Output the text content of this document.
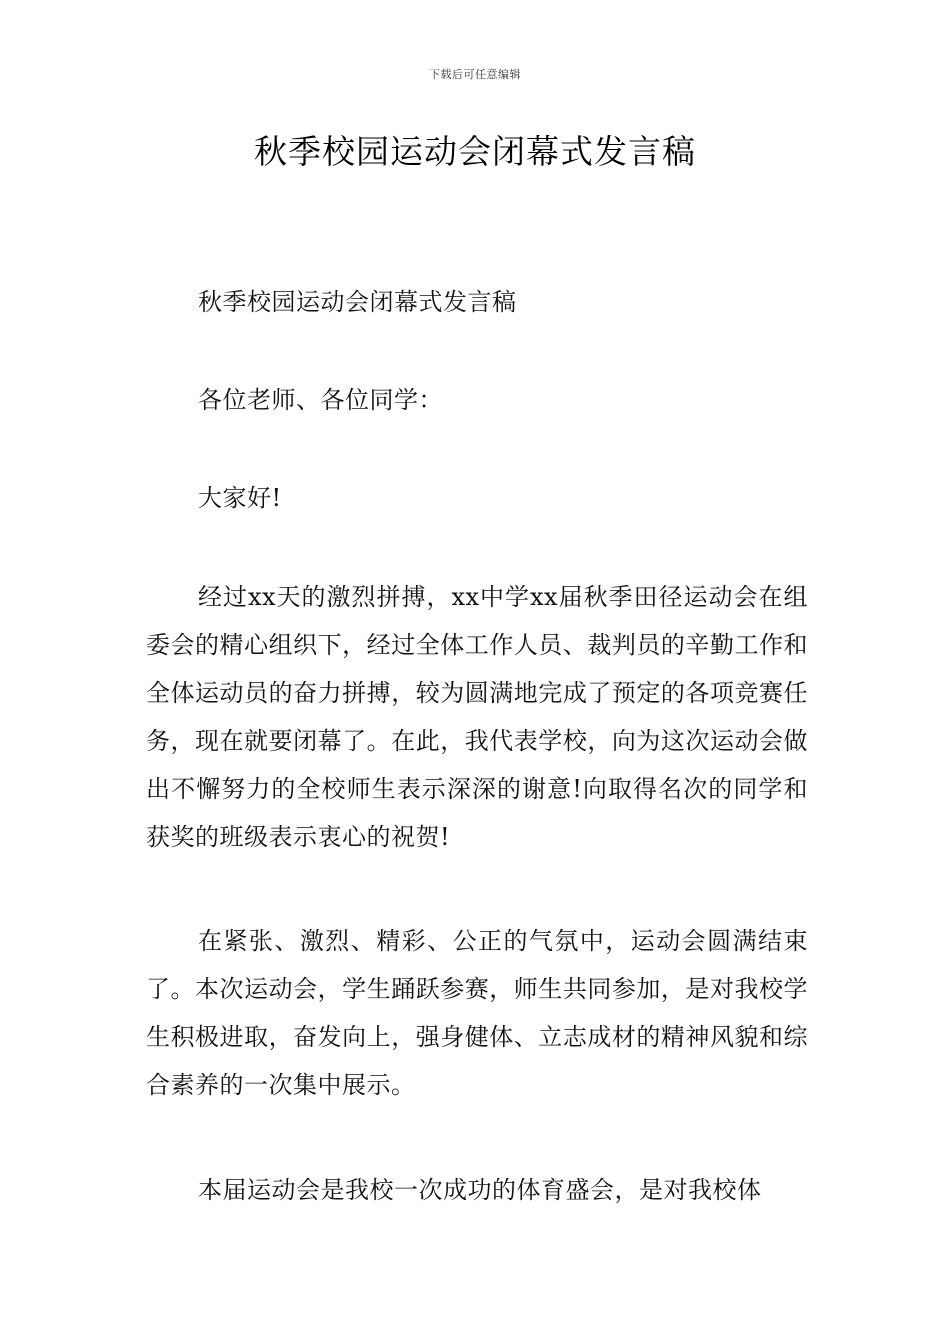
下载后可任意编辑
秋季校园运动会闭幕式发言稿

秋季校园运动会闭幕式发言稿

各位老师、各位同学：

大家好!

经过xx天的激烈拼搏，xx中学xx届秋季田径运动会在组委会的精心组织下，经过全体工作人员、裁判员的辛勤工作和全体运动员的奋力拼搏，较为圆满地完成了预定的各项竞赛任务，现在就要闭幕了。在此，我代表学校，向为这次运动会做出不懈努力的全校师生表示深深的谢意!向取得名次的同学和获奖的班级表示衷心的祝贺!

在紧张、激烈、精彩、公正的气氛中，运动会圆满结束了。本次运动会，学生踊跃参赛，师生共同参加，是对我校学生积极进取，奋发向上，强身健体、立志成材的精神风貌和综合素养的一次集中展示。

本届运动会是我校一次成功的体育盛会，是对我校体
